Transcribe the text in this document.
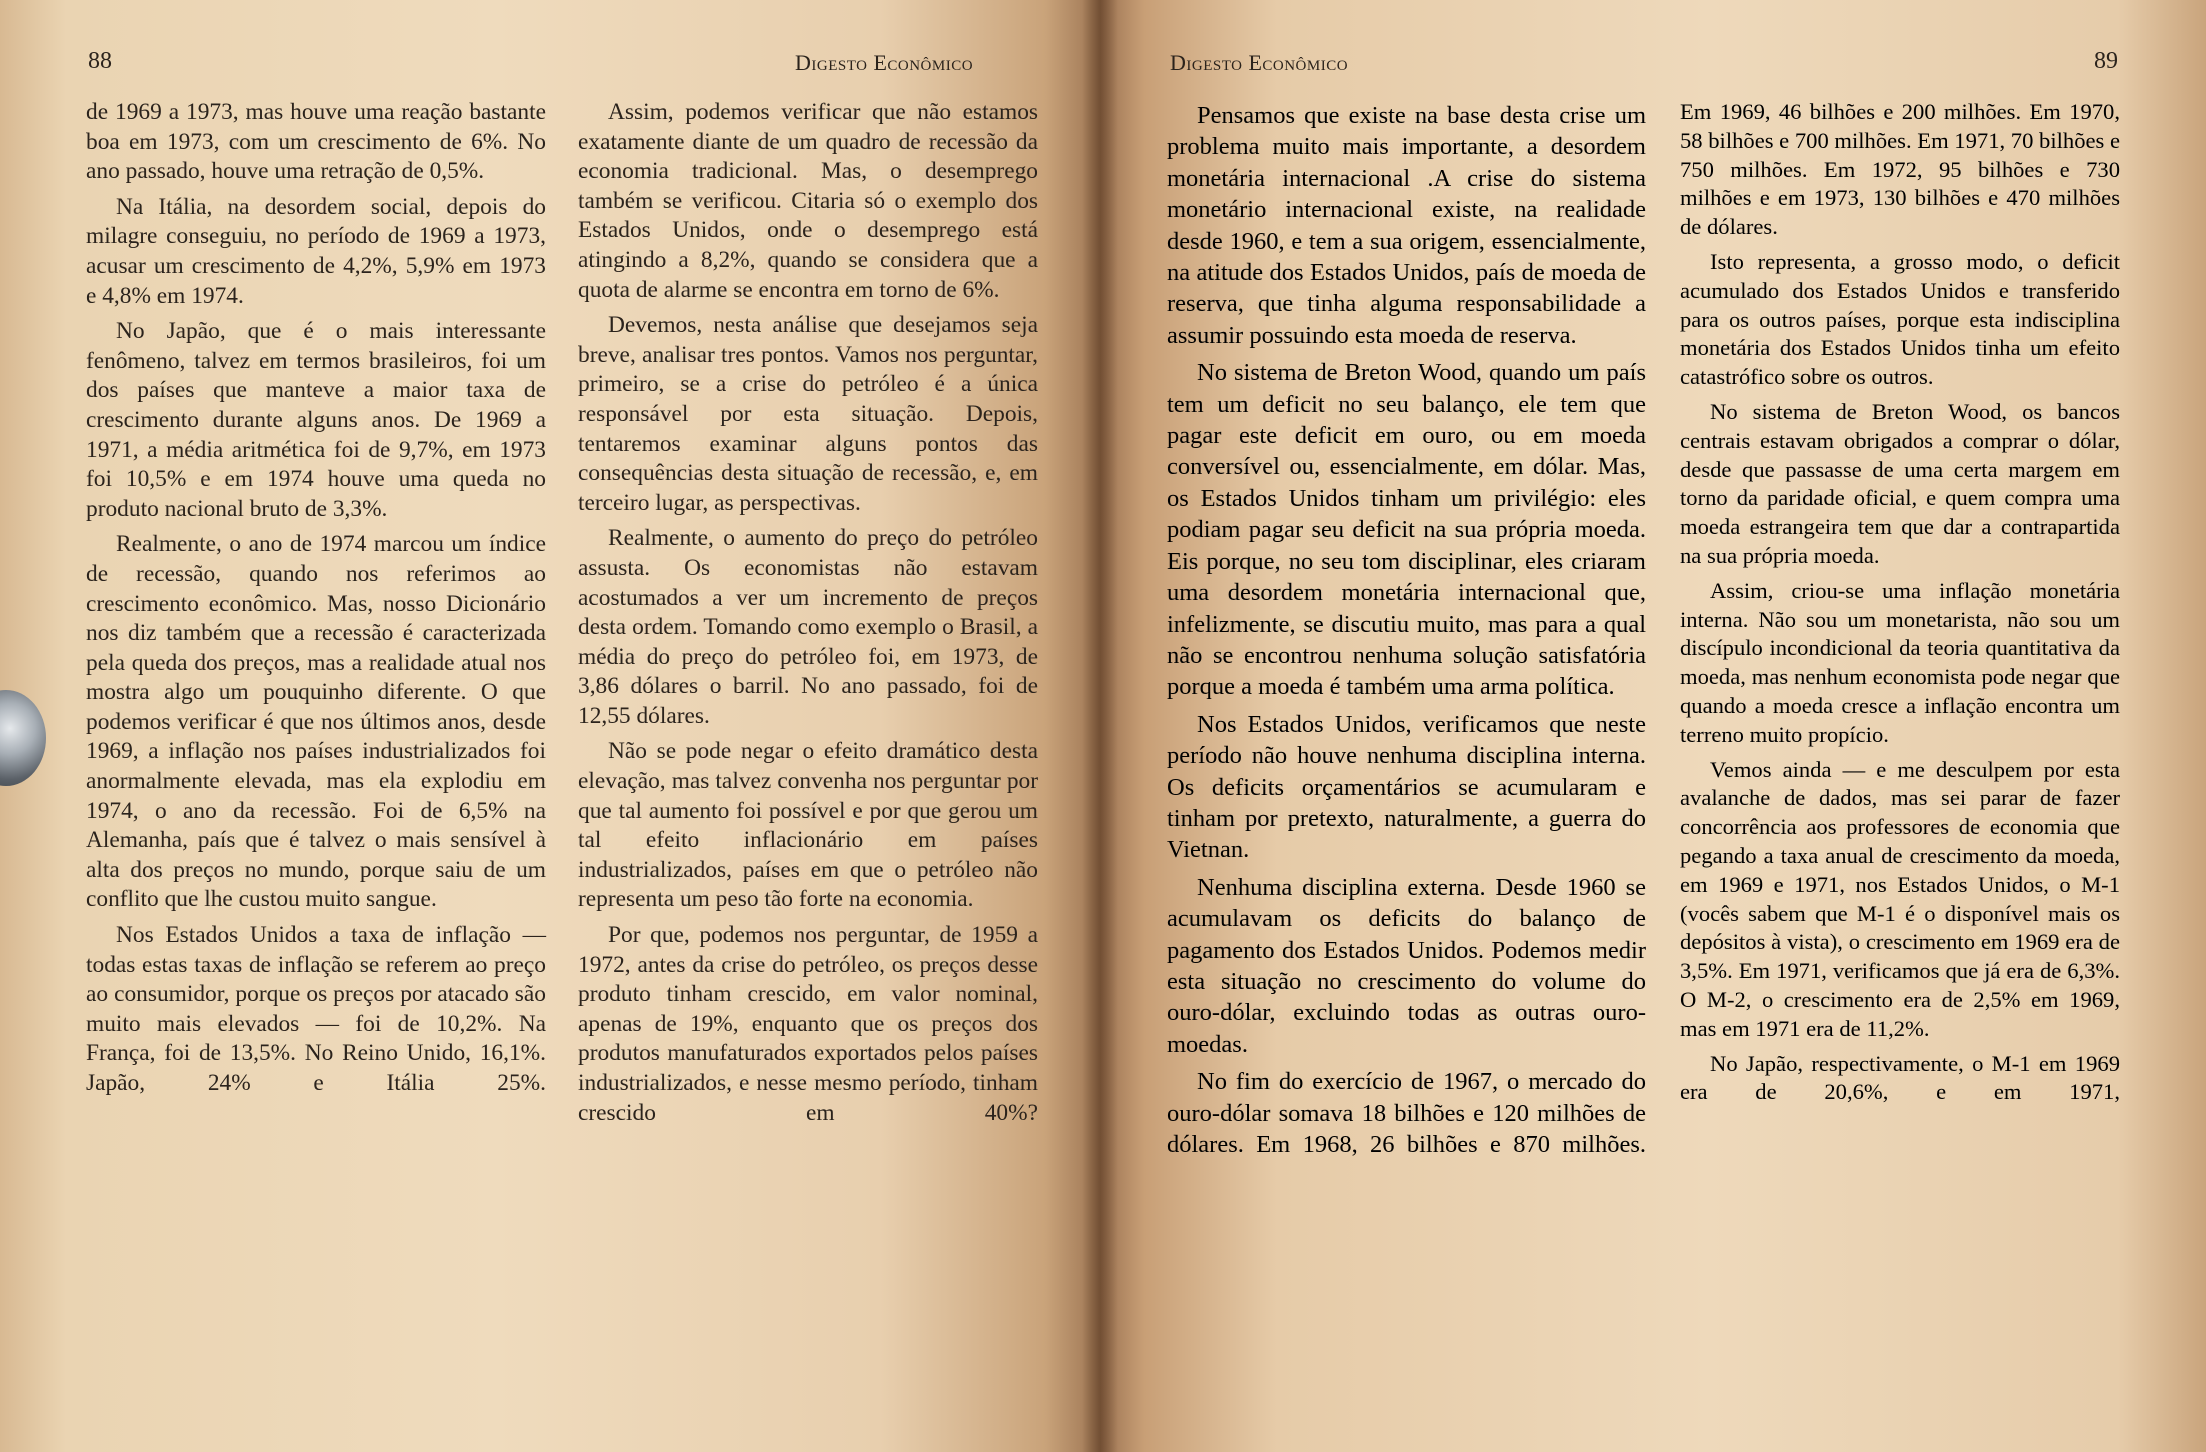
88	Digesto Econômico

de 1969 a 1973, mas houve uma reação bastante boa em 1973, com um crescimento de 6%. No ano passado, houve uma retração de 0,5%.

Na Itália, na desordem social, depois do milagre conseguiu, no período de 1969 a 1973, acusar um crescimento de 4,2%, 5,9% em 1973 e 4,8% em 1974.

No Japão, que é o mais interessante fenômeno, talvez em termos brasileiros, foi um dos países que manteve a maior taxa de crescimento durante alguns anos. De 1969 a 1971, a média aritmética foi de 9,7%, em 1973 foi 10,5% e em 1974 houve uma queda no produto nacional bruto de 3,3%.

Realmente, o ano de 1974 marcou um índice de recessão, quando nos referimos ao crescimento econômico. Mas, nosso Dicionário nos diz também que a recessão é caracterizada pela queda dos preços, mas a realidade atual nos mostra algo um pouquinho diferente. O que podemos verificar é que nos últimos anos, desde 1969, a inflação nos países industrializados foi anormalmente elevada, mas ela explodiu em 1974, o ano da recessão. Foi de 6,5% na Alemanha, país que é talvez o mais sensível à alta dos preços no mundo, porque saiu de um conflito que lhe custou muito sangue.

Nos Estados Unidos a taxa de inflação — todas estas taxas de inflação se referem ao preço ao consumidor, porque os preços por atacado são muito mais elevados — foi de 10,2%. Na França, foi de 13,5%. No Reino Unido, 16,1%. Japão, 24% e Itália 25%.

Assim, podemos verificar que não estamos exatamente diante de um quadro de recessão da economia tradicional. Mas, o desemprego também se verificou. Citaria só o exemplo dos Estados Unidos, onde o desemprego está atingindo a 8,2%, quando se considera que a quota de alarme se encontra em torno de 6%.

Devemos, nesta análise que desejamos seja breve, analisar tres pontos. Vamos nos perguntar, primeiro, se a crise do petróleo é a única responsável por esta situação. Depois, tentaremos examinar alguns pontos das consequências desta situação de recessão, e, em terceiro lugar, as perspectivas.

Realmente, o aumento do preço do petróleo assusta. Os economistas não estavam acostumados a ver um incremento de preços desta ordem. Tomando como exemplo o Brasil, a média do preço do petróleo foi, em 1973, de 3,86 dólares o barril. No ano passado, foi de 12,55 dólares.

Não se pode negar o efeito dramático desta elevação, mas talvez convenha nos perguntar por que tal aumento foi possível e por que gerou um tal efeito inflacionário em países industrializados, países em que o petróleo não representa um peso tão forte na economia.

Por que, podemos nos perguntar, de 1959 a 1972, antes da crise do petróleo, os preços desse produto tinham crescido, em valor nominal, apenas de 19%, enquanto que os preços dos produtos manufaturados exportados pelos países industrializados, e nesse mesmo período, tinham crescido em 40%?

Digesto Econômico	89

Pensamos que existe na base desta crise um problema muito mais importante, a desordem monetária internacional .A crise do sistema monetário internacional existe, na realidade desde 1960, e tem a sua origem, essencialmente, na atitude dos Estados Unidos, país de moeda de reserva, que tinha alguma responsabilidade a assumir possuindo esta moeda de reserva.

No sistema de Breton Wood, quando um país tem um deficit no seu balanço, ele tem que pagar este deficit em ouro, ou em moeda conversível ou, essencialmente, em dólar. Mas, os Estados Unidos tinham um privilégio: eles podiam pagar seu deficit na sua própria moeda. Eis porque, no seu tom disciplinar, eles criaram uma desordem monetária internacional que, infelizmente, se discutiu muito, mas para a qual não se encontrou nenhuma solução satisfatória porque a moeda é também uma arma política.

Nos Estados Unidos, verificamos que neste período não houve nenhuma disciplina interna. Os deficits orçamentários se acumularam e tinham por pretexto, naturalmente, a guerra do Vietnan.

Nenhuma disciplina externa. Desde 1960 se acumulavam os deficits do balanço de pagamento dos Estados Unidos. Podemos medir esta situação no crescimento do volume do ouro-dólar, excluindo todas as outras ouro-moedas.

No fim do exercício de 1967, o mercado do ouro-dólar somava 18 bilhões e 120 milhões de dólares. Em 1968, 26 bilhões e 870 milhões.

Em 1969, 46 bilhões e 200 milhões. Em 1970, 58 bilhões e 700 milhões. Em 1971, 70 bilhões e 750 milhões. Em 1972, 95 bilhões e 730 milhões e em 1973, 130 bilhões e 470 milhões de dólares.

Isto representa, a grosso modo, o deficit acumulado dos Estados Unidos e transferido para os outros países, porque esta indisciplina monetária dos Estados Unidos tinha um efeito catastrófico sobre os outros.

No sistema de Breton Wood, os bancos centrais estavam obrigados a comprar o dólar, desde que passasse de uma certa margem em torno da paridade oficial, e quem compra uma moeda estrangeira tem que dar a contrapartida na sua própria moeda.

Assim, criou-se uma inflação monetária interna. Não sou um monetarista, não sou um discípulo incondicional da teoria quantitativa da moeda, mas nenhum economista pode negar que quando a moeda cresce a inflação encontra um terreno muito propício.

Vemos ainda — e me desculpem por esta avalanche de dados, mas sei parar de fazer concorrência aos professores de economia que pegando a taxa anual de crescimento da moeda, em 1969 e 1971, nos Estados Unidos, o M-1 (vocês sabem que M-1 é o disponível mais os depósitos à vista), o crescimento em 1969 era de 3,5%. Em 1971, verificamos que já era de 6,3%. O M-2, o crescimento era de 2,5% em 1969, mas em 1971 era de 11,2%.

No Japão, respectivamente, o M-1 em 1969 era de 20,6%, e em 1971,
